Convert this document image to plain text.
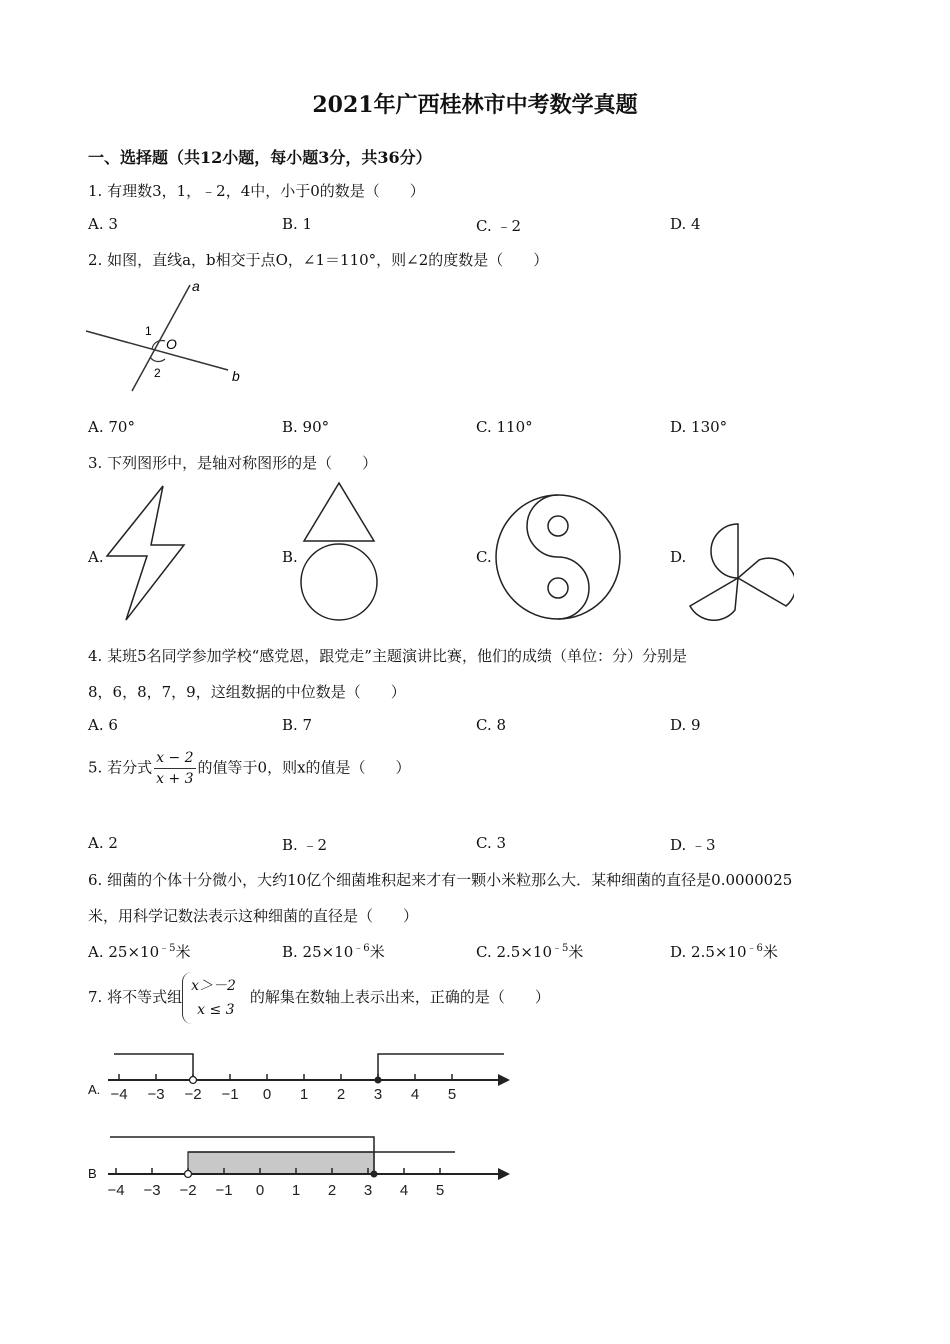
2021年广西桂林市中考数学真题
一、选择题（共12小题，每小题3分，共36分）
1. 有理数3，1，﹣2，4中，小于0的数是（　　）
A. 3	B. 1	C. ﹣2	D. 4
2. 如图，直线a，b相交于点O，∠1＝110°，则∠2的度数是（　　）
a
b
O
1
2
A. 70°	B. 90°	C. 110°	D. 130°
3. 下列图形中，是轴对称图形的是（　　）
A.	B.	C.	D.
4. 某班5名同学参加学校“感党恩，跟党走”主题演讲比赛，他们的成绩（单位：分）分别是
8，6，8，7，9，这组数据的中位数是（　　）
A. 6	B. 7	C. 8	D. 9
5. 若分式 $\frac{x - 2}{x + 3}$ 的值等于0，则x的值是（　　）
A. 2	B. ﹣2	C. 3	D. ﹣3
6. 细菌的个体十分微小，大约10亿个细菌堆积起来才有一颗小米粒那么大．某种细菌的直径是0.0000025
米，用科学记数法表示这种细菌的直径是（　　）
A. $25\times 10^{﹣5}$米	B. $25\times 10^{﹣6}$米	C. $2.5\times 10^{﹣5}$米	D. $2.5\times 10^{﹣6}$米
7. 将不等式组
x＞－2
x ≤ 3
的解集在数轴上表示出来，正确的是（　　）
A. −4 −3 −2 −1 0 1 2 3 4 5
B
−4 −3 −2 −1 0 1 2 3 4 5
